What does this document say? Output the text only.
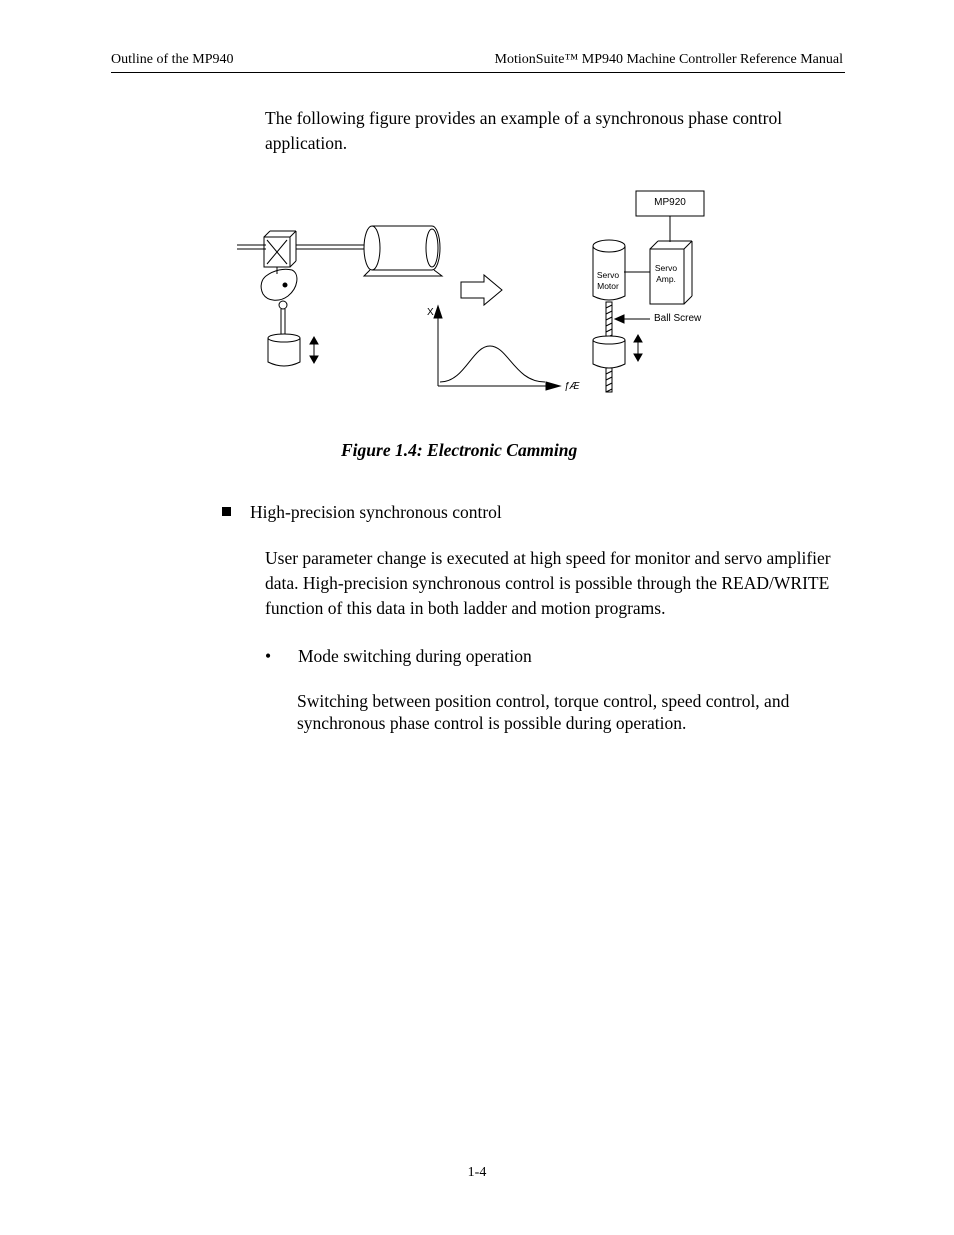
Outline of the MP940	MotionSuite™ MP940 Machine Controller Reference Manual
The following figure provides an example of a synchronous phase control application.
MP920
Servo
Amp.
Servo
Motor
Ball Screw
X
ƒÆ
Figure 1.4: Electronic Camming
High-precision synchronous control
User parameter change is executed at high speed for monitor and servo amplifier data. High-precision synchronous control is possible through the READ/WRITE function of this data in both ladder and motion programs.
• Mode switching during operation
Switching between position control, torque control, speed control, and synchronous phase control is possible during operation.
1-4
